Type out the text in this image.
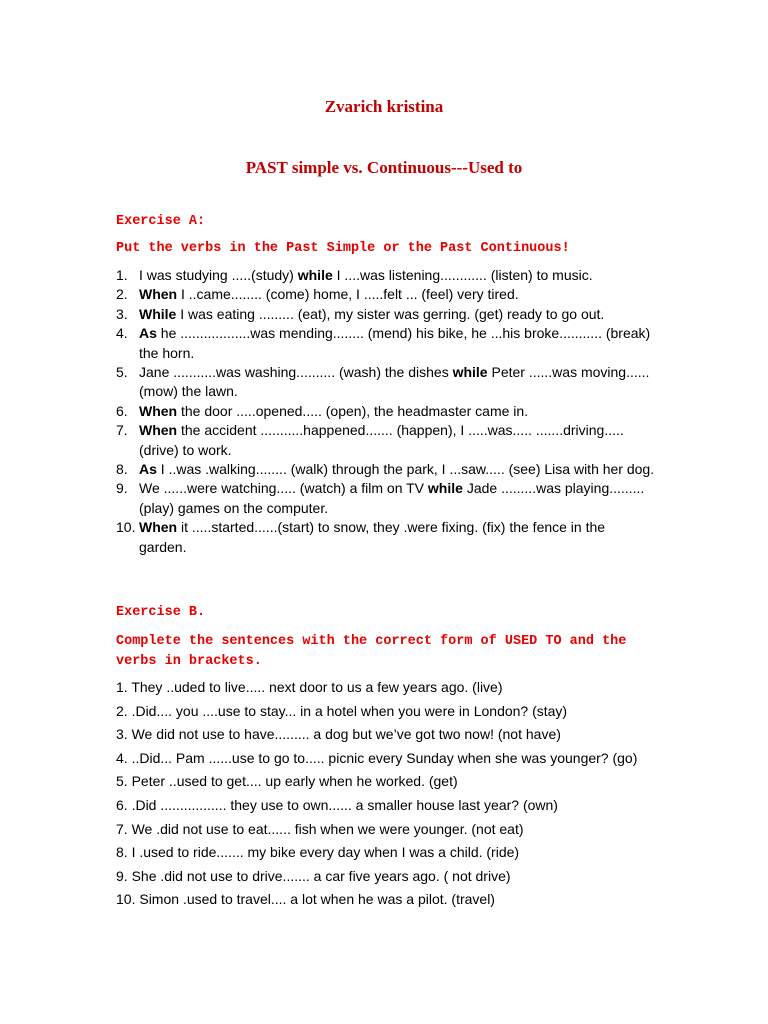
Zvarich kristina
PAST simple vs. Continuous---Used to

Exercise A:

Put the verbs in the Past Simple or the Past Continuous!

1. I was studying .....(study) while I ....was listening............ (listen) to music.
2. When I ..came........ (come) home, I .....felt ... (feel) very tired.
3. While I was eating ......... (eat), my sister was gerring. (get) ready to go out.
4. As he ..................was mending........ (mend) his bike, he ...his broke........... (break) the horn.
5. Jane ...........was washing.......... (wash) the dishes while Peter ......was moving...... (mow) the lawn.
6. When the door .....opened..... (open), the headmaster came in.
7. When the accident ...........happened....... (happen), I .....was..... .......driving..... (drive) to work.
8. As I ..was .walking........ (walk) through the park, I ...saw..... (see) Lisa with her dog.
9. We ......were watching..... (watch) a film on TV while Jade .........was playing.........(play) games on the computer.
10. When it .....started......(start) to snow, they .were fixing. (fix) the fence in the garden.

Exercise B.

Complete the sentences with the correct form of USED TO and the verbs in brackets.

1. They ..uded to live..... next door to us a few years ago. (live)
2. .Did.... you ....use to stay... in a hotel when you were in London? (stay)
3. We did not use to have......... a dog but we’ve got two now! (not have)
4. ..Did... Pam ......use to go to..... picnic every Sunday when she was younger? (go)
5. Peter ..used to get.... up early when he worked. (get)
6. .Did ................. they use to own...... a smaller house last year? (own)
7. We .did not use to eat...... fish when we were younger. (not eat)
8. I .used to ride....... my bike every day when I was a child. (ride)
9. She .did not use to drive....... a car five years ago. ( not drive)
10. Simon .used to travel.... a lot when he was a pilot. (travel)
